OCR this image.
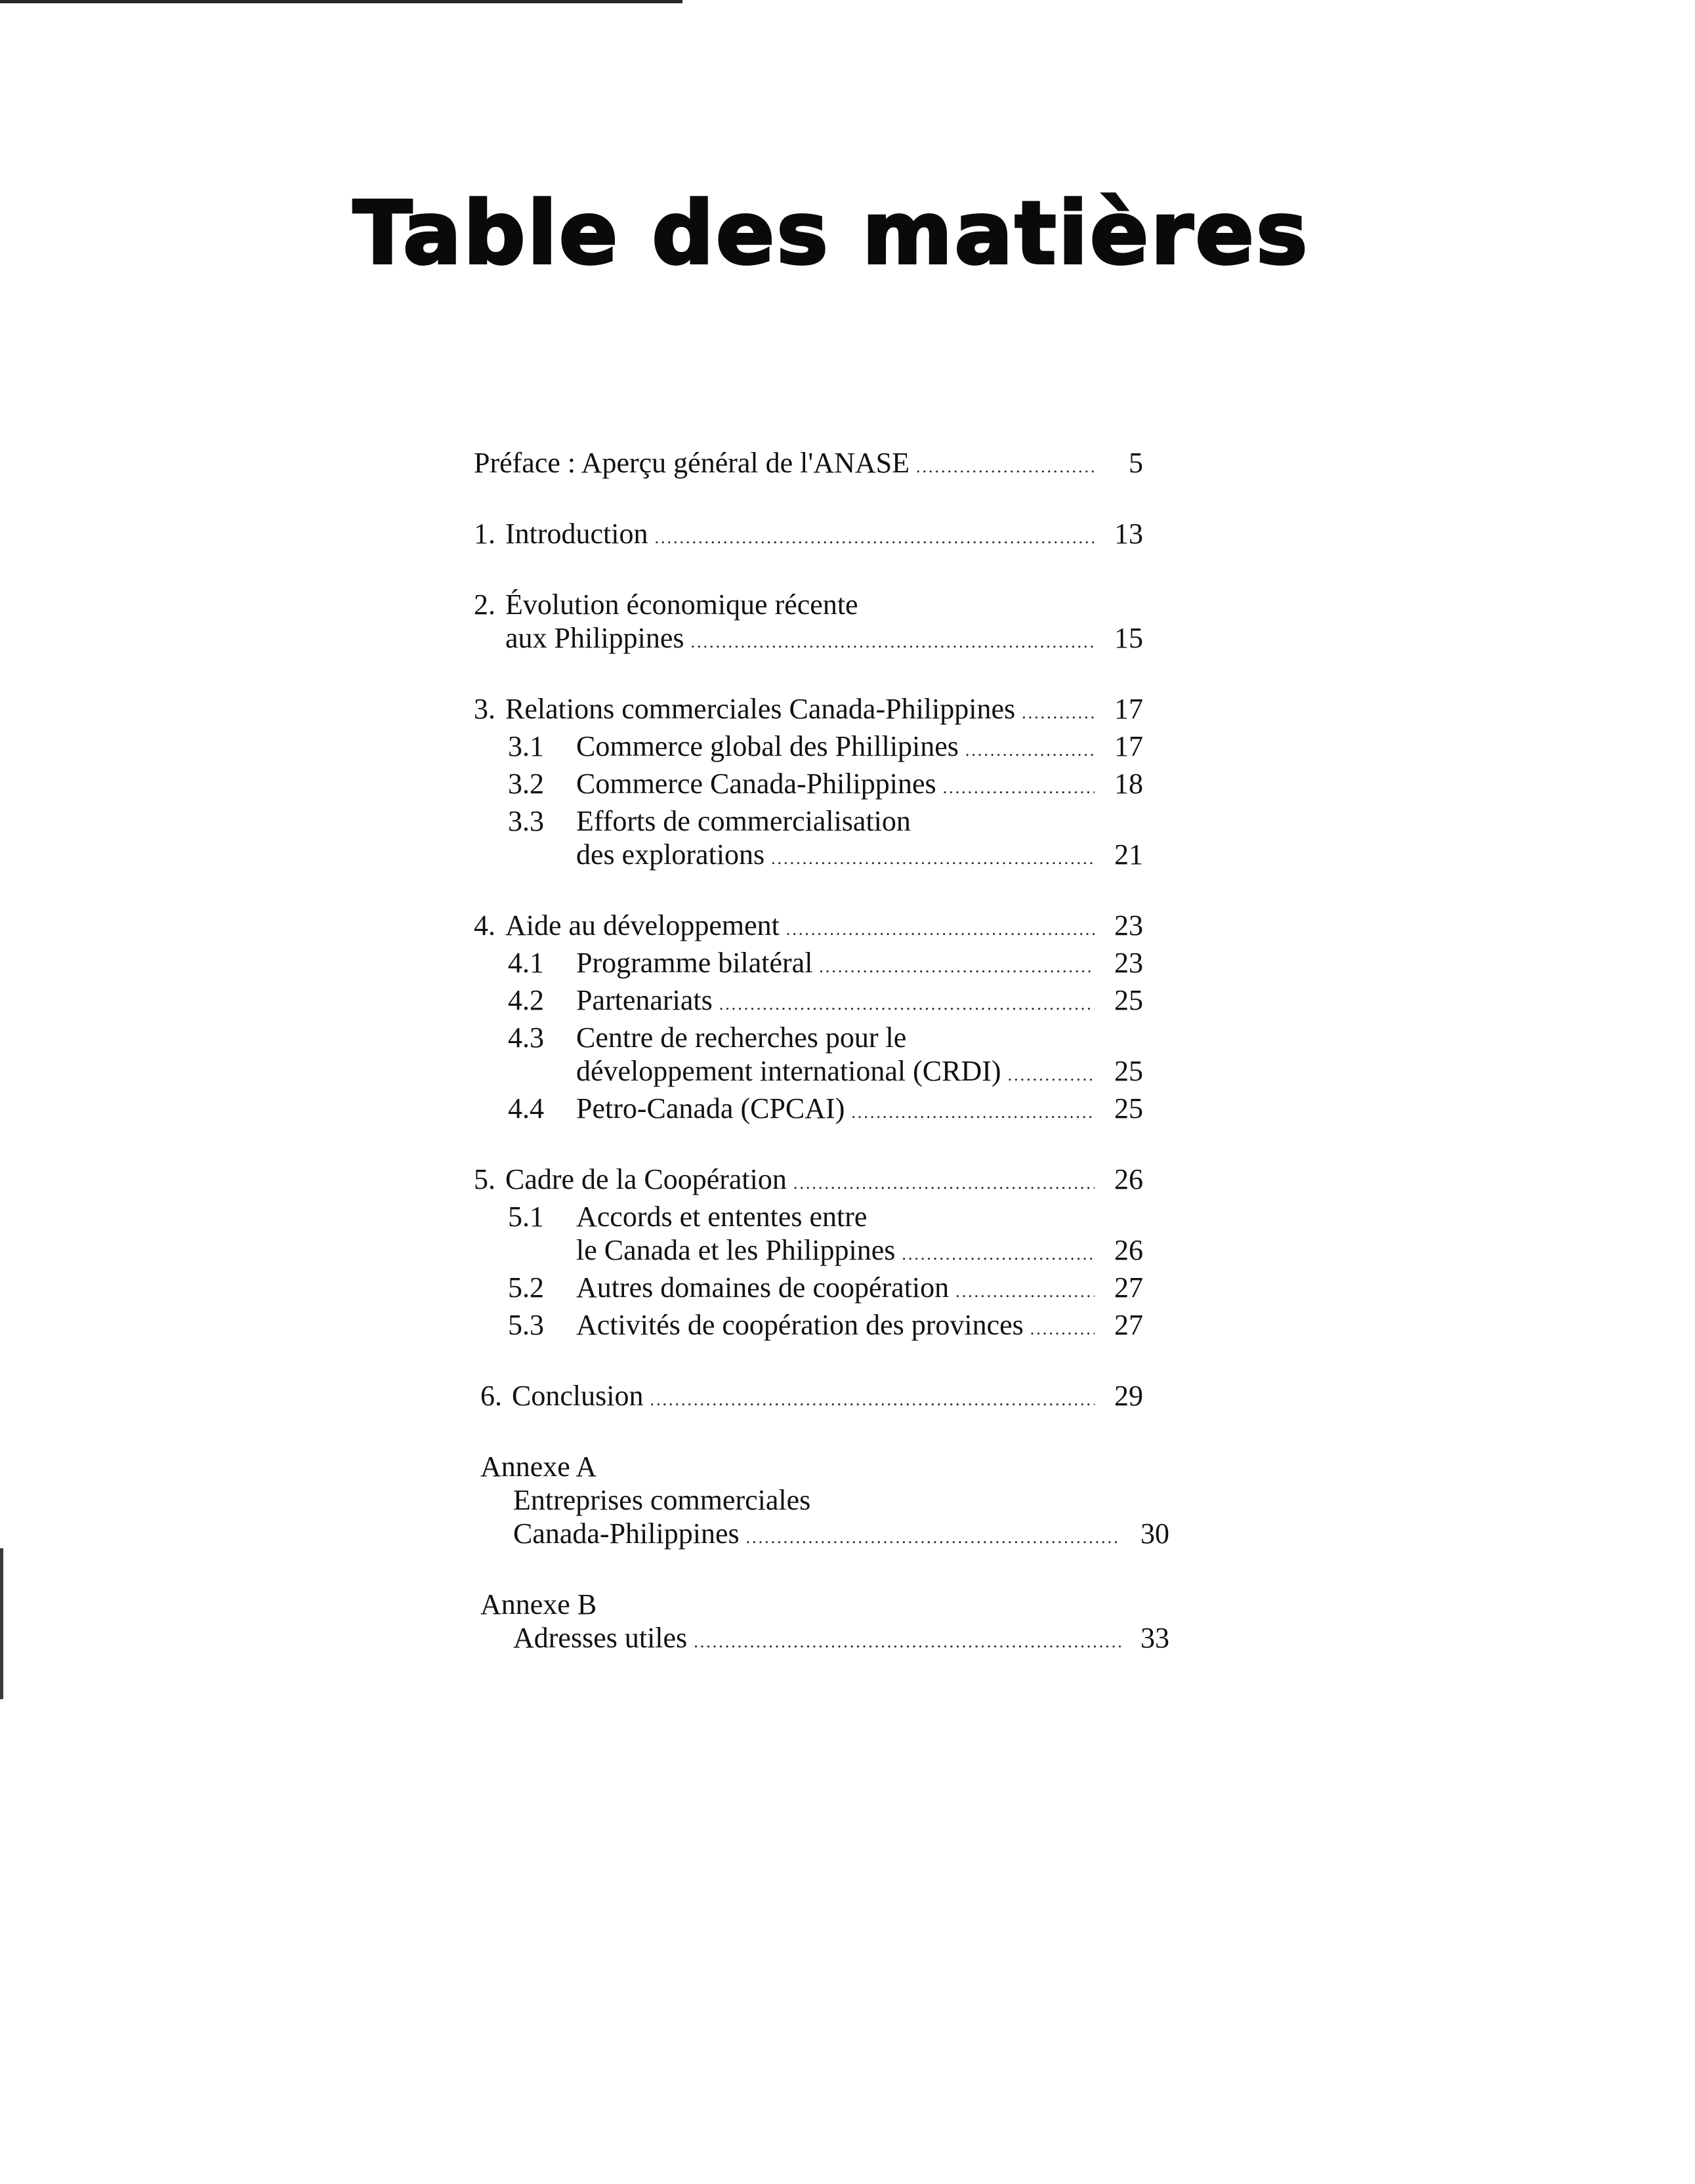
Table des matières
Préface : Aperçu général de l'ANASE .....	5
1. Introduction .....	13
2. Évolution économique récente
aux Philippines .....	15
3. Relations commerciales Canada-Philippines .....	17
3.1	Commerce global des Phillipines .....	17
3.2	Commerce Canada-Philippines .....	18
3.3	Efforts de commercialisation
des explorations .....	21
4. Aide au développement .....	23
4.1	Programme bilatéral .....	23
4.2	Partenariats .....	25
4.3	Centre de recherches pour le
développement international (CRDI) .....	25
4.4	Petro-Canada (CPCAI) .....	25
5. Cadre de la Coopération .....	26
5.1	Accords et ententes entre
le Canada et les Philippines .....	26
5.2	Autres domaines de coopération .....	27
5.3	Activités de coopération des provinces .....	27
6. Conclusion .....	29
Annexe A
Entreprises commerciales
Canada-Philippines .....	30
Annexe B
Adresses utiles .....	33
